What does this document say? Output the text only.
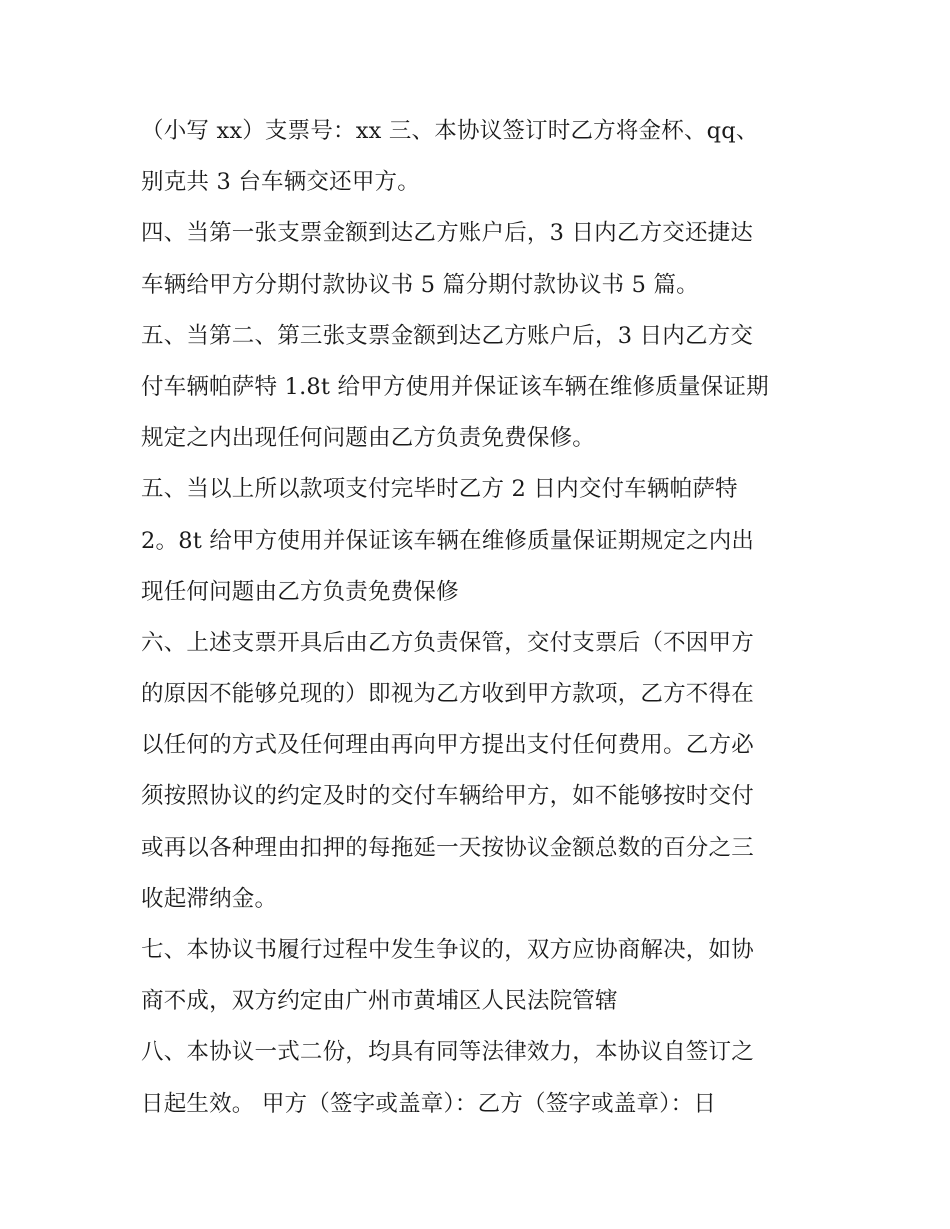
（小写 xx）支票号：xx 三、本协议签订时乙方将金杯、qq、
别克共 3 台车辆交还甲方。
四、当第一张支票金额到达乙方账户后，3 日内乙方交还捷达
车辆给甲方分期付款协议书 5 篇分期付款协议书 5 篇。
五、当第二、第三张支票金额到达乙方账户后，3 日内乙方交
付车辆帕萨特 1.8t 给甲方使用并保证该车辆在维修质量保证期
规定之内出现任何问题由乙方负责免费保修。
五、当以上所以款项支付完毕时乙方 2 日内交付车辆帕萨特
2。8t 给甲方使用并保证该车辆在维修质量保证期规定之内出
现任何问题由乙方负责免费保修
六、上述支票开具后由乙方负责保管，交付支票后（不因甲方
的原因不能够兑现的）即视为乙方收到甲方款项，乙方不得在
以任何的方式及任何理由再向甲方提出支付任何费用。乙方必
须按照协议的约定及时的交付车辆给甲方，如不能够按时交付
或再以各种理由扣押的每拖延一天按协议金额总数的百分之三
收起滞纳金。
七、本协议书履行过程中发生争议的，双方应协商解决，如协
商不成，双方约定由广州市黄埔区人民法院管辖
八、本协议一式二份，均具有同等法律效力，本协议自签订之
日起生效。 甲方（签字或盖章）：乙方（签字或盖章）：日
